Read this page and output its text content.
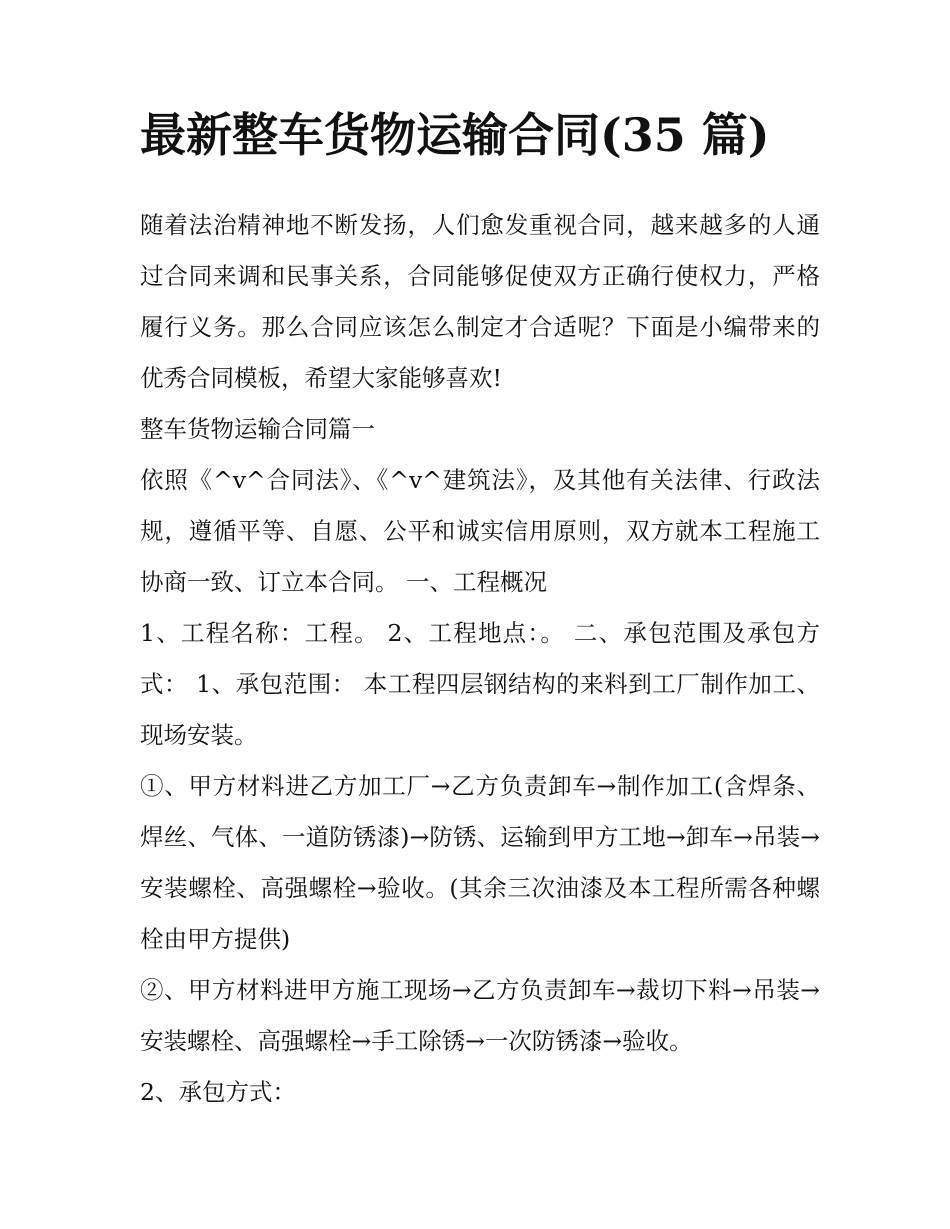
最新整车货物运输合同(35 篇)

随着法治精神地不断发扬，人们愈发重视合同，越来越多的人通过合同来调和民事关系，合同能够促使双方正确行使权力，严格履行义务。那么合同应该怎么制定才合适呢？下面是小编带来的优秀合同模板，希望大家能够喜欢!

整车货物运输合同篇一

依照《^v^合同法》、《^v^建筑法》，及其他有关法律、行政法规，遵循平等、自愿、公平和诚实信用原则，双方就本工程施工协商一致、订立本合同。 一、工程概况

1、工程名称：工程。 2、工程地点：。 二、承包范围及承包方式： 1、承包范围： 本工程四层钢结构的来料到工厂制作加工、现场安装。

①、甲方材料进乙方加工厂→乙方负责卸车→制作加工(含焊条、焊丝、气体、一道防锈漆)→防锈、运输到甲方工地→卸车→吊装→安装螺栓、高强螺栓→验收。(其余三次油漆及本工程所需各种螺栓由甲方提供)

②、甲方材料进甲方施工现场→乙方负责卸车→裁切下料→吊装→安装螺栓、高强螺栓→手工除锈→一次防锈漆→验收。

2、承包方式：
